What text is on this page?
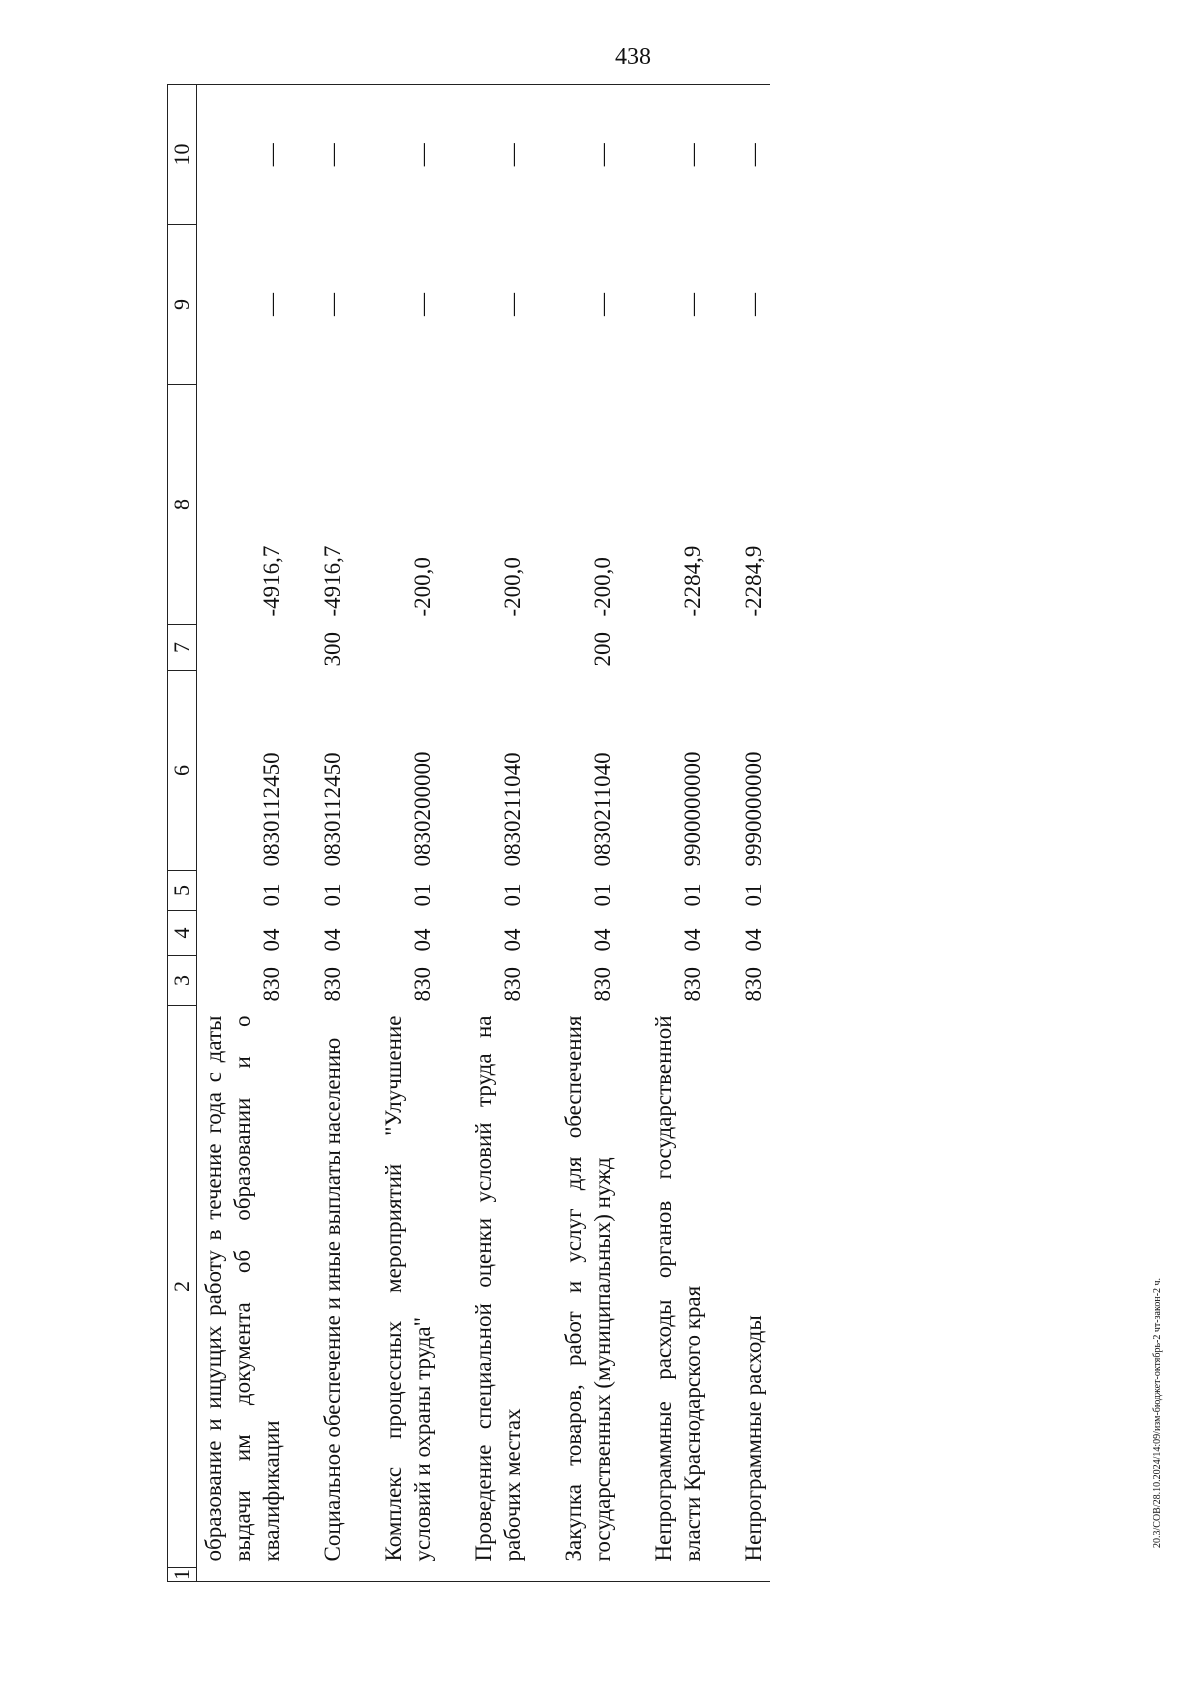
438
1	2	3	4	5	6	7	8	9	10
	образование и ищущих работу в течение года с даты выдачи им документа об образовании и о квалификации	830	04	01	0830112450		-4916,7	—	—

	Социальное обеспечение и иные выплаты населению	830	04	01	0830112450	300	-4916,7	—	—

	Комплекс процессных мероприятий "Улучшение условий и охраны труда"	830	04	01	0830200000		-200,0	—	—

	Проведение специальной оценки условий труда на рабочих местах	830	04	01	0830211040		-200,0	—	—

	Закупка товаров, работ и услуг для обеспечения государственных (муниципальных) нужд	830	04	01	0830211040	200	-200,0	—	—

	Непрограммные расходы органов государственной власти Краснодарского края	830	04	01	9900000000		-2284,9	—	—

	Непрограммные расходы	830	04	01	9990000000		-2284,9	—	—
20.3/СОВ/28.10.2024/14:09/изм-бюджет-октябрь-2 чт-закон-2 ч.
